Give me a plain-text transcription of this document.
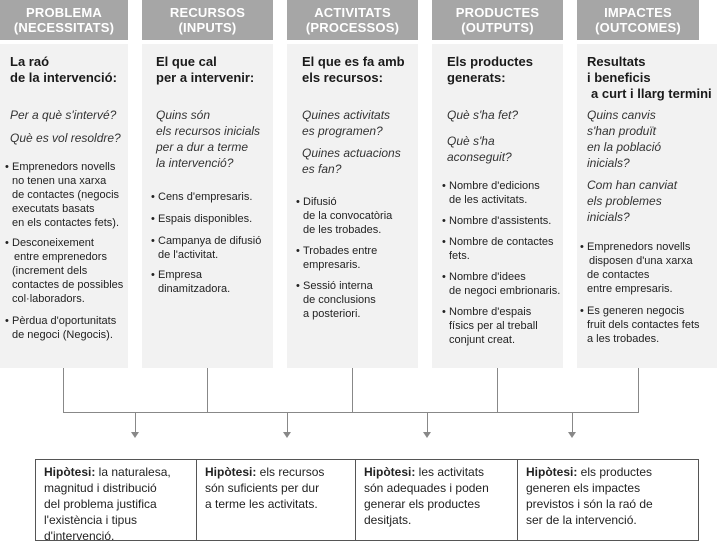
PROBLEMA
(NECESSITATS)
La raó
de la intervenció:
Per a què s'intervé?
Què es vol resoldre?
• Emprenedors novells
no tenen una xarxa
de contactes (negocis
executats basats
en els contactes fets).
• Desconeixement
entre emprenedors
(increment dels
contactes de possibles
col·laboradors.
• Pèrdua d'oportunitats
de negoci (Negocis).
RECURSOS
(INPUTS)
El que cal
per a intervenir:
Quins són
els recursos inicials
per a dur a terme
la intervenció?
• Cens d'empresaris.
• Espais disponibles.
• Campanya de difusió
de l'activitat.
• Empresa
dinamitzadora.
ACTIVITATS
(PROCESSOS)
El que es fa amb
els recursos:
Quines activitats
es programen?
Quines actuacions
es fan?
• Difusió
de la convocatòria
de les trobades.
• Trobades entre
empresaris.
• Sessió interna
de conclusions
a posteriori.
PRODUCTES
(OUTPUTS)
Els productes
generats:
Què s'ha fet?
Què s'ha
aconseguit?
• Nombre d'edicions
de les activitats.
• Nombre d'assistents.
• Nombre de contactes
fets.
• Nombre d'idees
de negoci embrionaris.
• Nombre d'espais
físics per al treball
conjunt creat.
IMPACTES
(OUTCOMES)
Resultats
i beneficis
a curt i llarg termini
Quins canvis
s'han produït
en la població
inicials?
Com han canviat
els problemes
inicials?
• Emprenedors novells
disposen d'una xarxa
de contactes
entre empresaris.
• Es generen negocis
fruit dels contactes fets
a les trobades.
Hipòtesi: la naturalesa,
magnitud i distribució
del problema justifica
l'existència i tipus
d'intervenció.
Hipòtesi: els recursos
són suficients per dur
a terme les activitats.
Hipòtesi: les activitats
són adequades i poden
generar els productes
desitjats.
Hipòtesi: els productes
generen els impactes
previstos i són la raó de
ser de la intervenció.
